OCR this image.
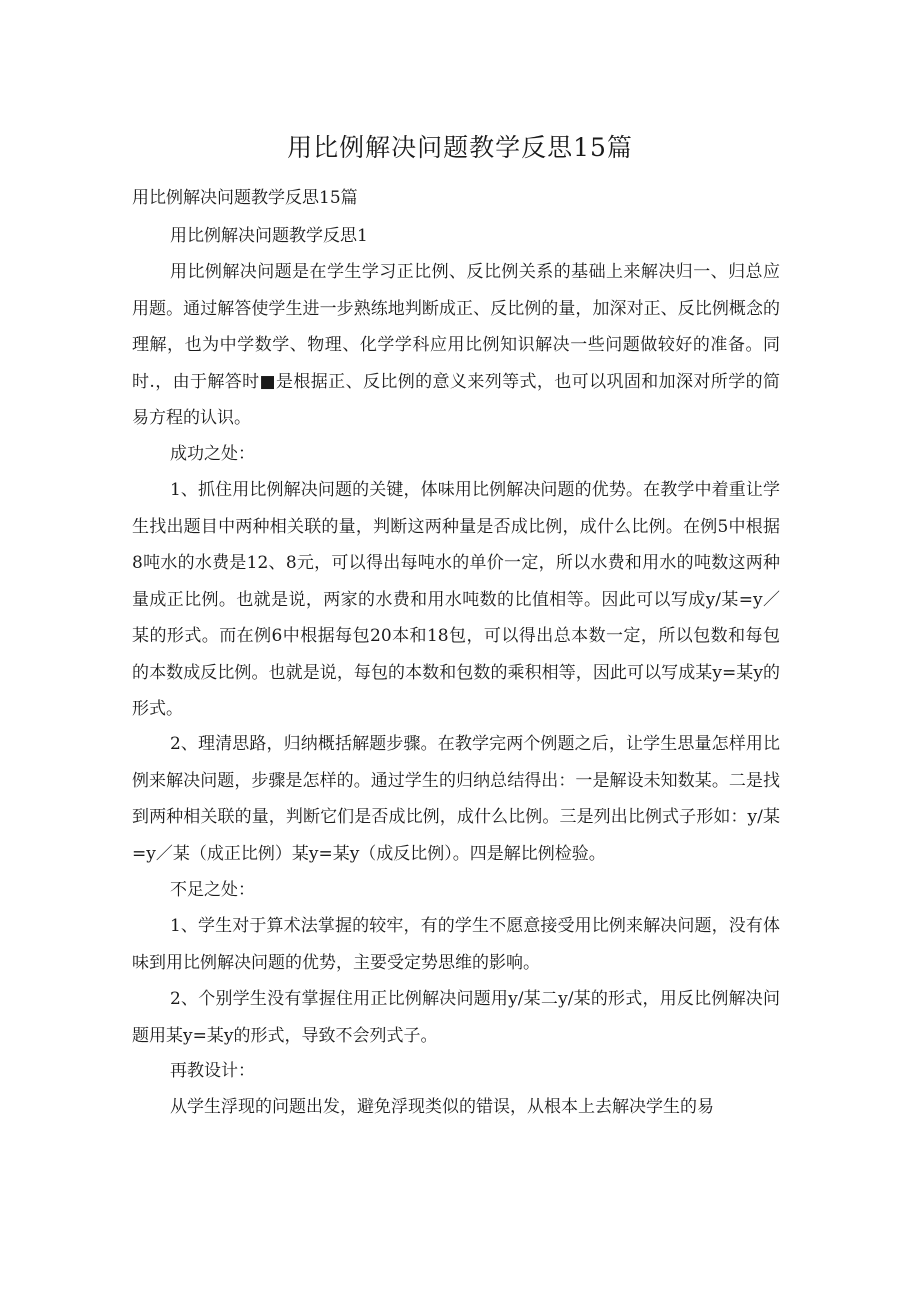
用比例解决问题教学反思15篇

用比例解决问题教学反思15篇

用比例解决问题教学反思1

用比例解决问题是在学生学习正比例、反比例关系的基础上来解决归一、归总应用题。通过解答使学生进一步熟练地判断成正、反比例的量，加深对正、反比例概念的理解，也为中学数学、物理、化学学科应用比例知识解决一些问题做较好的准备。同时.，由于解答时■是根据正、反比例的意义来列等式，也可以巩固和加深对所学的简易方程的认识。

成功之处：

1、抓住用比例解决问题的关键，体味用比例解决问题的优势。在教学中着重让学生找出题目中两种相关联的量，判断这两种量是否成比例，成什么比例。在例5中根据8吨水的水费是12、8元，可以得出每吨水的单价一定，所以水费和用水的吨数这两种量成正比例。也就是说，两家的水费和用水吨数的比值相等。因此可以写成y/某=y／某的形式。而在例6中根据每包20本和18包，可以得出总本数一定，所以包数和每包的本数成反比例。也就是说，每包的本数和包数的乘积相等，因此可以写成某y=某y的形式。

2、理清思路，归纳概括解题步骤。在教学完两个例题之后，让学生思量怎样用比例来解决问题，步骤是怎样的。通过学生的归纳总结得出：一是解设未知数某。二是找到两种相关联的量，判断它们是否成比例，成什么比例。三是列出比例式子形如：y/某=y／某（成正比例）某y=某y（成反比例）。四是解比例检验。

不足之处：

1、学生对于算术法掌握的较牢，有的学生不愿意接受用比例来解决问题，没有体味到用比例解决问题的优势，主要受定势思维的影响。

2、个别学生没有掌握住用正比例解决问题用y/某二y/某的形式，用反比例解决问题用某y=某y的形式，导致不会列式子。

再教设计：

从学生浮现的问题出发，避免浮现类似的错误，从根本上去解决学生的易
